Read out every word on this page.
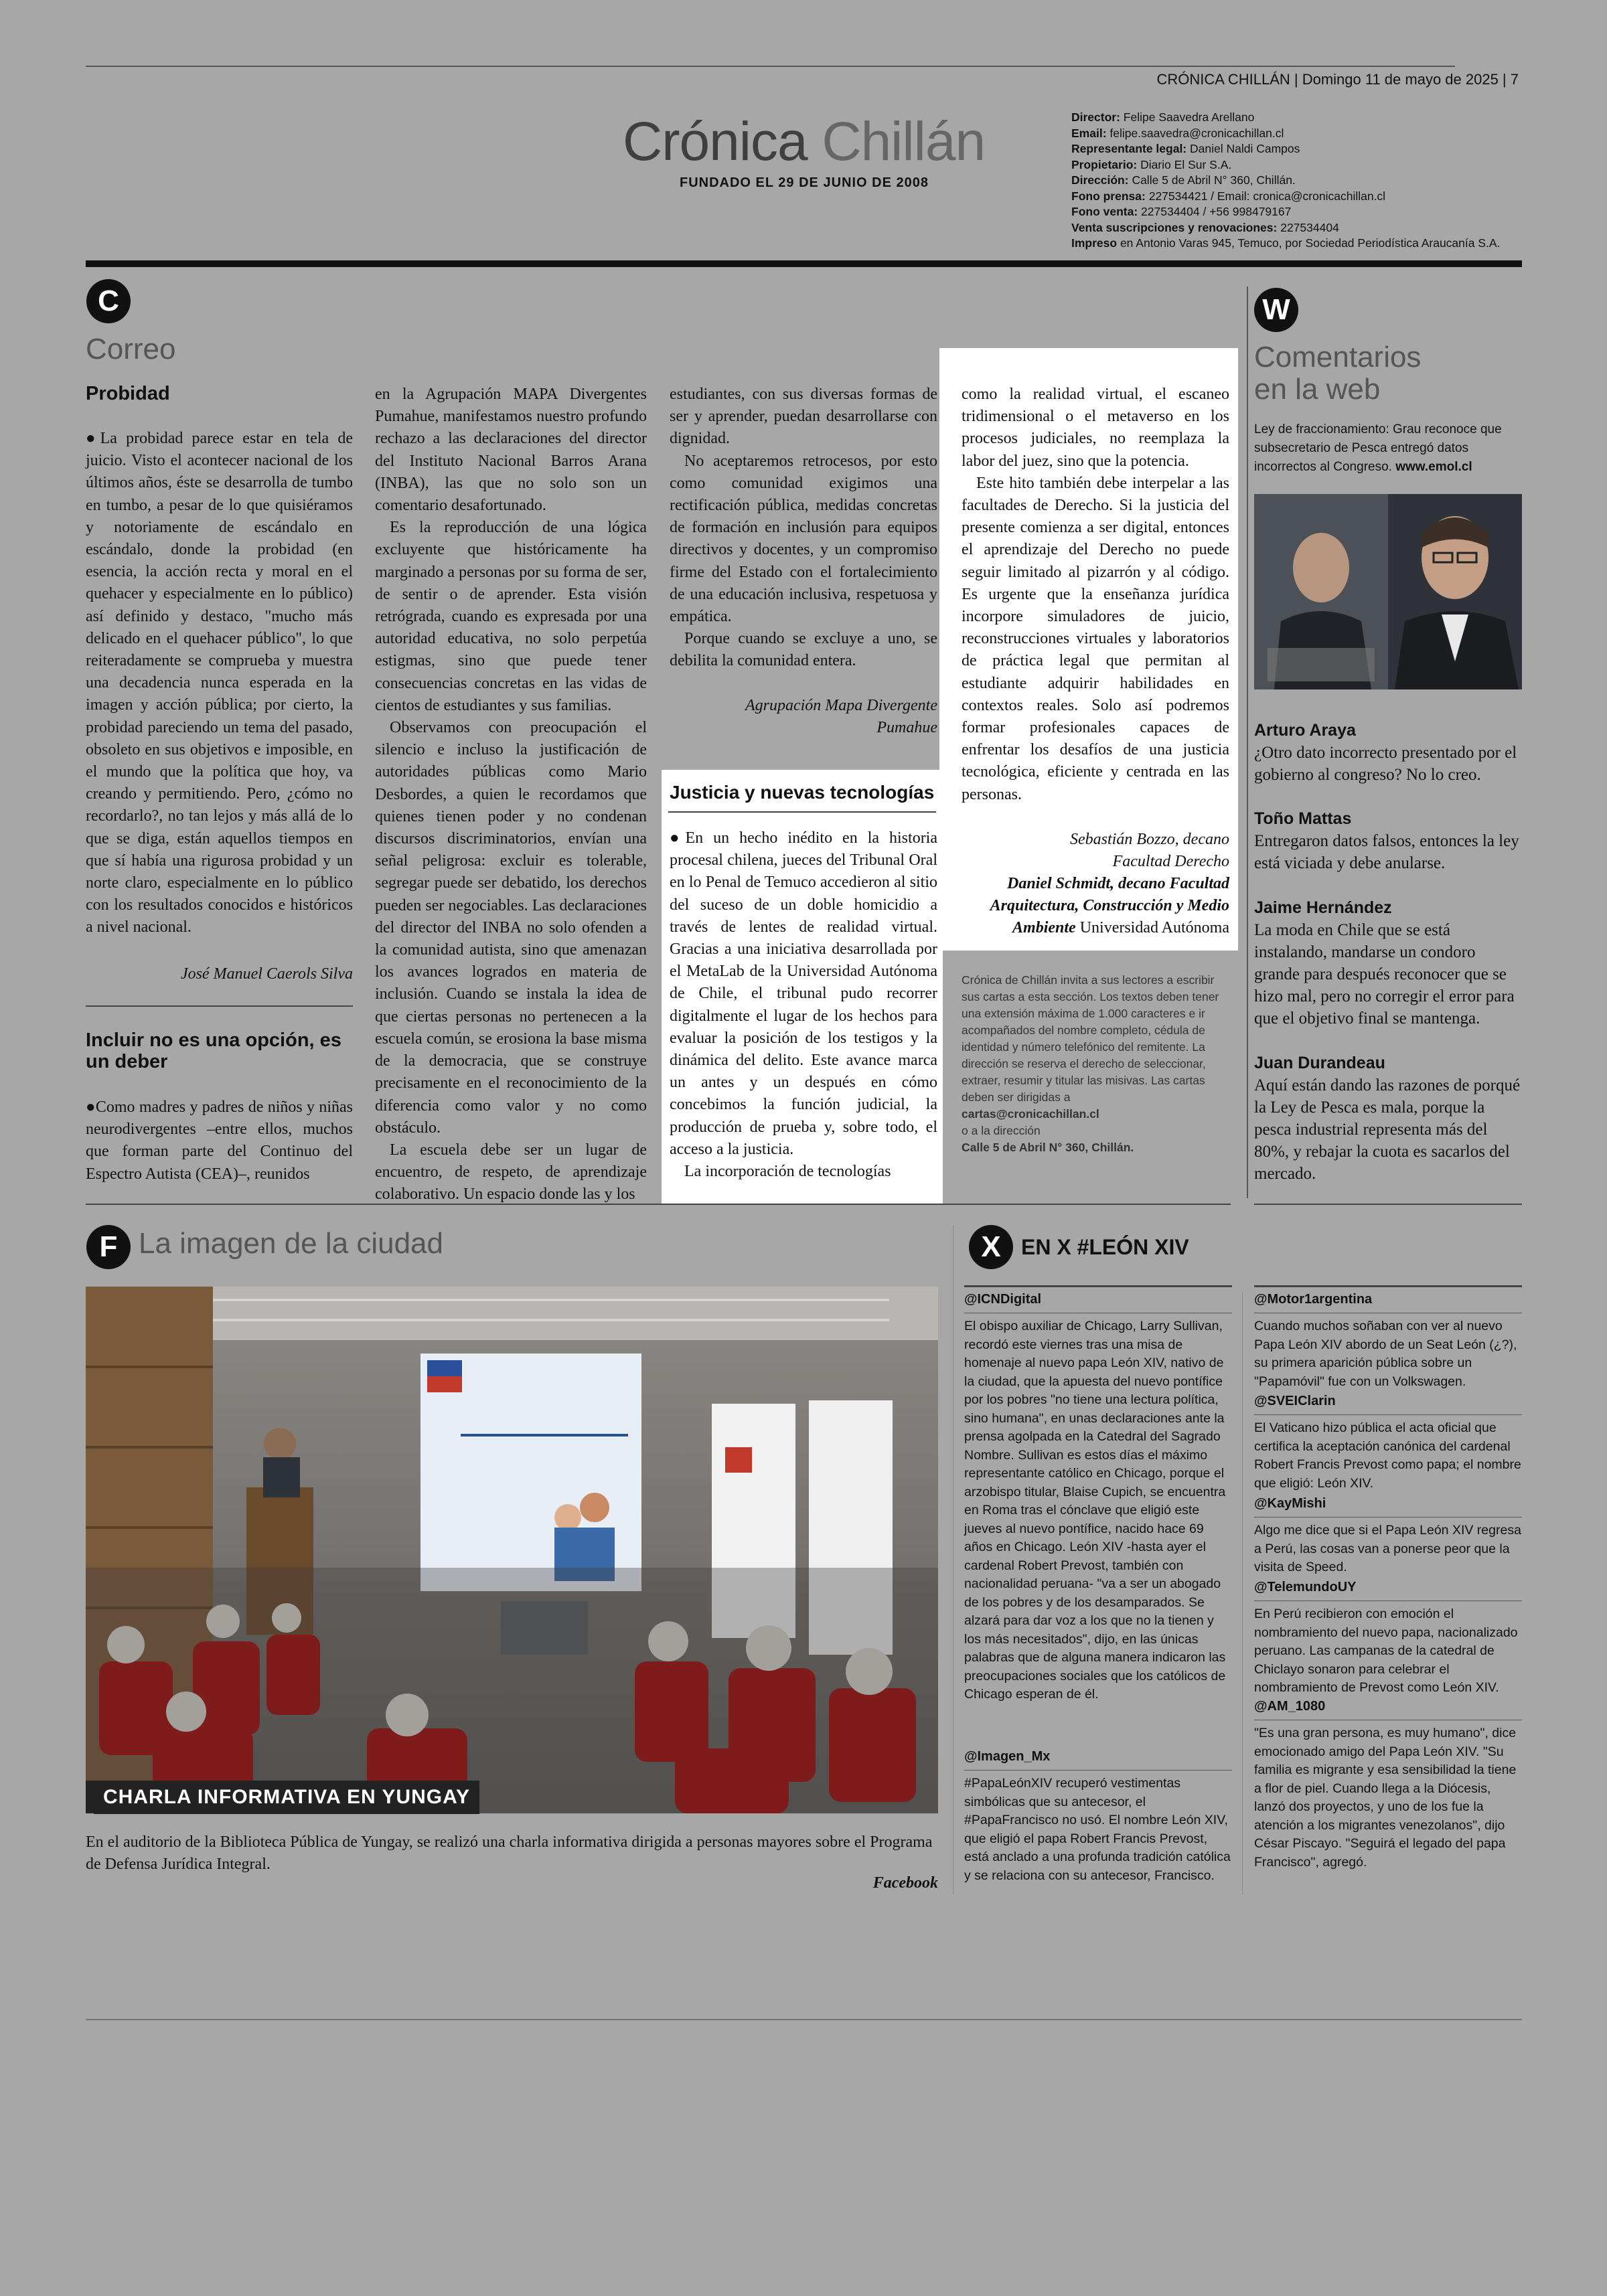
CRÓNICA CHILLÁN | Domingo 11 de mayo de 2025 | 7
Crónica Chillán
FUNDADO EL 29 DE JUNIO DE 2008
Director: Felipe Saavedra Arellano
Email: felipe.saavedra@cronicachillan.cl
Representante legal: Daniel Naldi Campos
Propietario: Diario El Sur S.A.
Dirección: Calle 5 de Abril N° 360, Chillán.
Fono prensa: 227534421 / Email: cronica@cronicachillan.cl
Fono venta: 227534404 / +56 998479167
Venta suscripciones y renovaciones: 227534404
Impreso en Antonio Varas 945, Temuco, por Sociedad Periodística Araucanía S.A.
C
Correo
Probidad

●La probidad parece estar en tela de juicio. Visto el acontecer nacional de los últimos años, éste se desarrolla de tumbo en tumbo, a pesar de lo que quisiéramos y notoriamente de escándalo en escándalo, donde la probidad (en esencia, la acción recta y moral en el quehacer y especialmente en lo público) así definido y destaco, "mucho más delicado en el quehacer público", lo que reiteradamente se comprueba y muestra una decadencia nunca esperada en la imagen y acción pública; por cierto, la probidad pareciendo un tema del pasado, obsoleto en sus objetivos e imposible, en el mundo que la política que hoy, va creando y permitiendo. Pero, ¿cómo no recordarlo?, no tan lejos y más allá de lo que se diga, están aquellos tiempos en que sí había una rigurosa probidad y un norte claro, especialmente en lo público con los resultados conocidos e históricos a nivel nacional.

José Manuel Caerols Silva
Incluir no es una opción, es un deber

●Como madres y padres de niños y niñas neurodivergentes –entre ellos, muchos que forman parte del Continuo del Espectro Autista (CEA)–, reunidos

en la Agrupación MAPA Divergentes Pumahue, manifestamos nuestro profundo rechazo a las declaraciones del director del Instituto Nacional Barros Arana (INBA), las que no solo son un comentario desafortunado.

Es la reproducción de una lógica excluyente que históricamente ha marginado a personas por su forma de ser, de sentir o de aprender. Esta visión retrógrada, cuando es expresada por una autoridad educativa, no solo perpetúa estigmas, sino que puede tener consecuencias concretas en las vidas de cientos de estudiantes y sus familias.

Observamos con preocupación el silencio e incluso la justificación de autoridades públicas como Mario Desbordes, a quien le recordamos que quienes tienen poder y no condenan discursos discriminatorios, envían una señal peligrosa: excluir es tolerable, segregar puede ser debatido, los derechos pueden ser negociables. Las declaraciones del director del INBA no solo ofenden a la comunidad autista, sino que amenazan los avances logrados en materia de inclusión. Cuando se instala la idea de que ciertas personas no pertenecen a la escuela común, se erosiona la base misma de la democracia, que se construye precisamente en el reconocimiento de la diferencia como valor y no como obstáculo.

La escuela debe ser un lugar de encuentro, de respeto, de aprendizaje colaborativo. Un espacio donde las y los

estudiantes, con sus diversas formas de ser y aprender, puedan desarrollarse con dignidad.

No aceptaremos retrocesos, por esto como comunidad exigimos una rectificación pública, medidas concretas de formación en inclusión para equipos directivos y docentes, y un compromiso firme del Estado con el fortalecimiento de una educación inclusiva, respetuosa y empática.

Porque cuando se excluye a uno, se debilita la comunidad entera.

Agrupación Mapa Divergente
Pumahue
Justicia y nuevas tecnologías

●En un hecho inédito en la historia procesal chilena, jueces del Tribunal Oral en lo Penal de Temuco accedieron al sitio del suceso de un doble homicidio a través de lentes de realidad virtual. Gracias a una iniciativa desarrollada por el MetaLab de la Universidad Autónoma de Chile, el tribunal pudo recorrer digitalmente el lugar de los hechos para evaluar la posición de los testigos y la dinámica del delito. Este avance marca un antes y un después en cómo concebimos la función judicial, la producción de prueba y, sobre todo, el acceso a la justicia.

La incorporación de tecnologías

como la realidad virtual, el escaneo tridimensional o el metaverso en los procesos judiciales, no reemplaza la labor del juez, sino que la potencia.

Este hito también debe interpelar a las facultades de Derecho. Si la justicia del presente comienza a ser digital, entonces el aprendizaje del Derecho no puede seguir limitado al pizarrón y al código. Es urgente que la enseñanza jurídica incorpore simuladores de juicio, reconstrucciones virtuales y laboratorios de práctica legal que permitan al estudiante adquirir habilidades en contextos reales. Solo así podremos formar profesionales capaces de enfrentar los desafíos de una justicia tecnológica, eficiente y centrada en las personas.

Sebastián Bozzo, decano
Facultad Derecho
Daniel Schmidt, decano Facultad
Arquitectura, Construcción y Medio
Ambiente Universidad Autónoma
Crónica de Chillán invita a sus lectores a escribir sus cartas a esta sección. Los textos deben tener una extensión máxima de 1.000 caracteres e ir acompañados del nombre completo, cédula de identidad y número telefónico del remitente. La dirección se reserva el derecho de seleccionar, extraer, resumir y titular las misivas. Las cartas deben ser dirigidas a
cartas@cronicachillan.cl
o a la dirección
Calle 5 de Abril N° 360, Chillán.
W
Comentarios
en la web
Ley de fraccionamiento: Grau reconoce que subsecretario de Pesca entregó datos incorrectos al Congreso. www.emol.cl
Arturo Araya
¿Otro dato incorrecto presentado por el gobierno al congreso? No lo creo.
Toño Mattas
Entregaron datos falsos, entonces la ley está viciada y debe anularse.
Jaime Hernández
La moda en Chile que se está instalando, mandarse un condoro grande para después reconocer que se hizo mal, pero no corregir el error para que el objetivo final se mantenga.
Juan Durandeau
Aquí están dando las razones de porqué la Ley de Pesca es mala, porque la pesca industrial representa más del 80%, y rebajar la cuota es sacarlos del mercado.
F La imagen de la ciudad
CHARLA INFORMATIVA EN YUNGAY
En el auditorio de la Biblioteca Pública de Yungay, se realizó una charla informativa dirigida a personas mayores sobre el Programa de Defensa Jurídica Integral.
Facebook
X EN X #LEÓN XIV
@ICNDigital
El obispo auxiliar de Chicago, Larry Sullivan, recordó este viernes tras una misa de homenaje al nuevo papa León XIV, nativo de la ciudad, que la apuesta del nuevo pontífice por los pobres "no tiene una lectura política, sino humana", en unas declaraciones ante la prensa agolpada en la Catedral del Sagrado Nombre. Sullivan es estos días el máximo representante católico en Chicago, porque el arzobispo titular, Blaise Cupich, se encuentra en Roma tras el cónclave que eligió este jueves al nuevo pontífice, nacido hace 69 años en Chicago. León XIV -hasta ayer el cardenal Robert Prevost, también con nacionalidad peruana- "va a ser un abogado de los pobres y de los desamparados. Se alzará para dar voz a los que no la tienen y los más necesitados", dijo, en las únicas palabras que de alguna manera indicaron las preocupaciones sociales que los católicos de Chicago esperan de él.
@Imagen_Mx
#PapaLeónXIV recuperó vestimentas simbólicas que su antecesor, el #PapaFrancisco no usó. El nombre León XIV, que eligió el papa Robert Francis Prevost, está anclado a una profunda tradición católica y se relaciona con su antecesor, Francisco.
@Motor1argentina
Cuando muchos soñaban con ver al nuevo Papa León XIV abordo de un Seat León (¿?), su primera aparición pública sobre un "Papamóvil" fue con un Volkswagen.
@SVEIClarin
El Vaticano hizo pública el acta oficial que certifica la aceptación canónica del cardenal Robert Francis Prevost como papa; el nombre que eligió: León XIV.
@KayMishi
Algo me dice que si el Papa León XIV regresa a Perú, las cosas van a ponerse peor que la visita de Speed.
@TelemundoUY
En Perú recibieron con emoción el nombramiento del nuevo papa, nacionalizado peruano. Las campanas de la catedral de Chiclayo sonaron para celebrar el nombramiento de Prevost como León XIV.
@AM_1080
"Es una gran persona, es muy humano", dice emocionado amigo del Papa León XIV. "Su familia es migrante y esa sensibilidad la tiene a flor de piel. Cuando llega a la Diócesis, lanzó dos proyectos, y uno de los fue la atención a los migrantes venezolanos", dijo César Piscayo. "Seguirá el legado del papa Francisco", agregó.
